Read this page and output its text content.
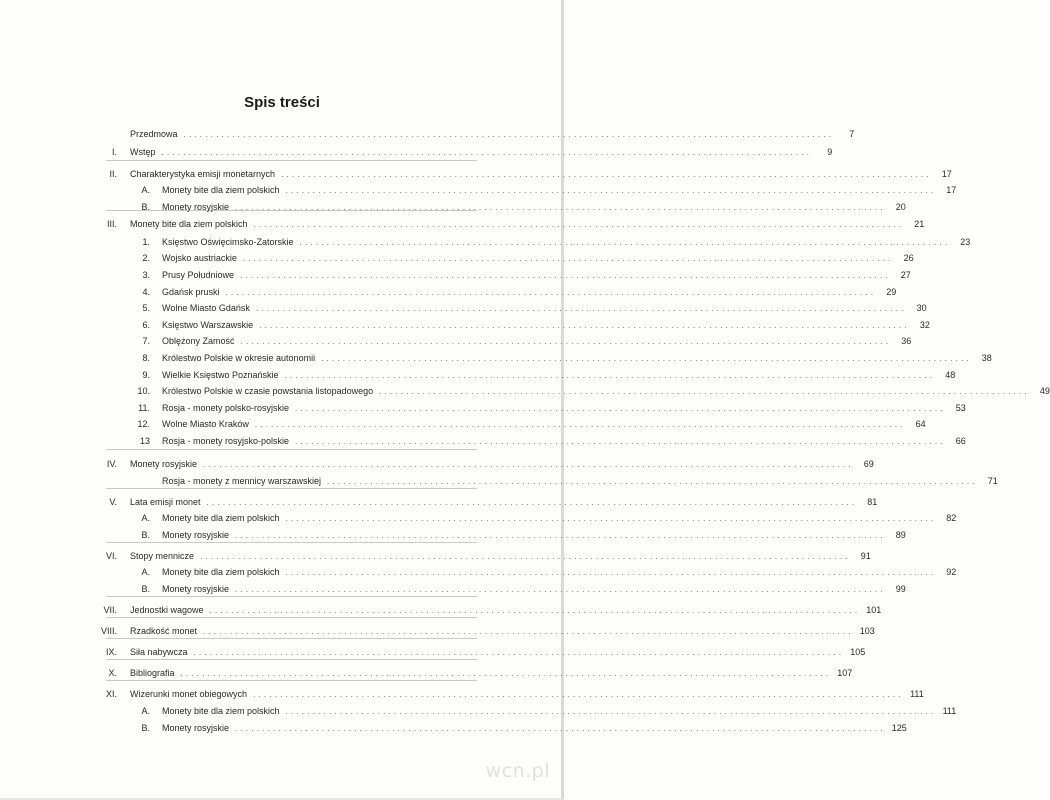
Spis treści
Przedmowa ........................................................................................................................	7
I. Wstęp ........................................................................................................................	9
II. Charakterystyka emisji monetarnych ........................................................................................................................	17
A. Monety bite dla ziem polskich ........................................................................................................................	17
B. Monety rosyjskie ........................................................................................................................	20
III. Monety bite dla ziem polskich ........................................................................................................................	21
1. Księstwo Oświęcimsko-Zatorskie ........................................................................................................................	23
2. Wojsko austriackie ........................................................................................................................	26
3. Prusy Południowe ........................................................................................................................	27
4. Gdańsk pruski ........................................................................................................................	29
5. Wolne Miasto Gdańsk ........................................................................................................................	30
6. Księstwo Warszawskie ........................................................................................................................	32
7. Oblężony Zamość ........................................................................................................................	36
8. Królestwo Polskie w okresie autonomii ........................................................................................................................	38
9. Wielkie Księstwo Poznańskie ........................................................................................................................	48
10. Królestwo Polskie w czasie powstania listopadowego ........................................................................................................................	49
11. Rosja - monety polsko-rosyjskie ........................................................................................................................	53
12. Wolne Miasto Kraków ........................................................................................................................	64
13 Rosja - monety rosyjsko-polskie ........................................................................................................................	66
IV. Monety rosyjskie ........................................................................................................................	69
Rosja - monety z mennicy warszawskiej ........................................................................................................................	71
V. Lata emisji monet ........................................................................................................................	81
A. Monety bite dla ziem polskich ........................................................................................................................	82
B. Monety rosyjskie ........................................................................................................................	89
VI. Stopy mennicze ........................................................................................................................	91
A. Monety bite dla ziem polskich ........................................................................................................................	92
B. Monety rosyjskie ........................................................................................................................	99
VII. Jednostki wagowe ........................................................................................................................ 101
VIII. Rzadkość monet ........................................................................................................................ 103
IX. Siła nabywcza ........................................................................................................................ 105
X. Bibliografia ........................................................................................................................ 107
XI. Wizerunki monet obiegowych ........................................................................................................................ 111
A. Monety bite dla ziem polskich ........................................................................................................................ 111
B. Monety rosyjskie ........................................................................................................................ 125
wcn.pl
